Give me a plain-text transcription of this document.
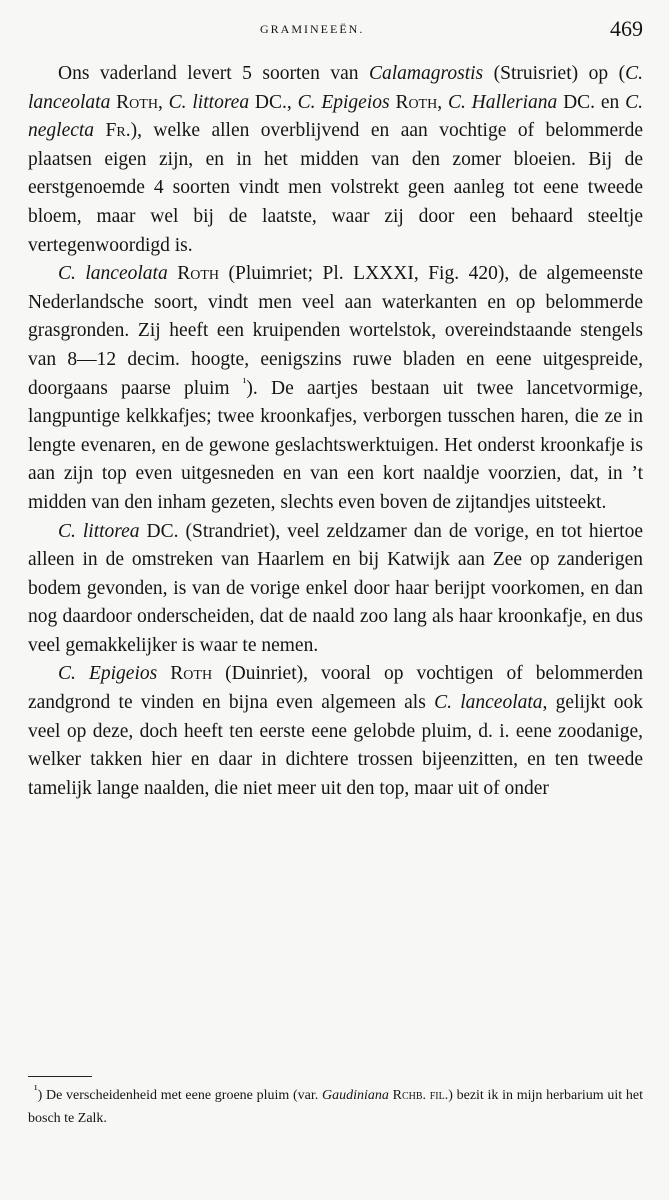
GRAMINEEËN.	469

Ons vaderland levert 5 soorten van Calamagrostis (Struisriet) op (C. lanceolata Roth, C. littorea DC., C. Epigeios Roth, C. Halleriana DC. en C. neglecta Fr.), welke allen overblijvend en aan vochtige of belommerde plaatsen eigen zijn, en in het midden van den zomer bloeien. Bij de eerstgenoemde 4 soorten vindt men volstrekt geen aanleg tot eene tweede bloem, maar wel bij de laatste, waar zij door een behaard steeltje vertegenwoordigd is.

C. lanceolata Roth (Pluimriet; Pl. LXXXI, Fig. 420), de algemeenste Nederlandsche soort, vindt men veel aan waterkanten en op belommerde grasgronden. Zij heeft een kruipenden wortelstok, overeindstaande stengels van 8—12 decim. hoogte, eenigszins ruwe bladen en eene uitgespreide, doorgaans paarse pluim $^{^1}$). De aartjes bestaan uit twee lancetvormige, langpuntige kelkkafjes; twee kroonkafjes, verborgen tusschen haren, die ze in lengte evenaren, en de gewone geslachtswerktuigen. Het onderst kroonkafje is aan zijn top even uitgesneden en van een kort naaldje voorzien, dat, in ’t midden van den inham gezeten, slechts even boven de zijtandjes uitsteekt.

C. littorea DC. (Strandriet), veel zeldzamer dan de vorige, en tot hiertoe alleen in de omstreken van Haarlem en bij Katwijk aan Zee op zanderigen bodem gevonden, is van de vorige enkel door haar berijpt voorkomen, en dan nog daardoor onderscheiden, dat de naald zoo lang als haar kroonkafje, en dus veel gemakkelijker is waar te nemen.

C. Epigeios Roth (Duinriet), vooral op vochtigen of belommerden zandgrond te vinden en bijna even algemeen als C. lanceolata, gelijkt ook veel op deze, doch heeft ten eerste eene gelobde pluim, d. i. eene zoodanige, welker takken hier en daar in dichtere trossen bijeenzitten, en ten tweede tamelijk lange naalden, die niet meer uit den top, maar uit of onder

¹) De verscheidenheid met eene groene pluim (var. Gaudiniana Rchb. fil.) bezit ik in mijn herbarium uit het bosch te Zalk.
